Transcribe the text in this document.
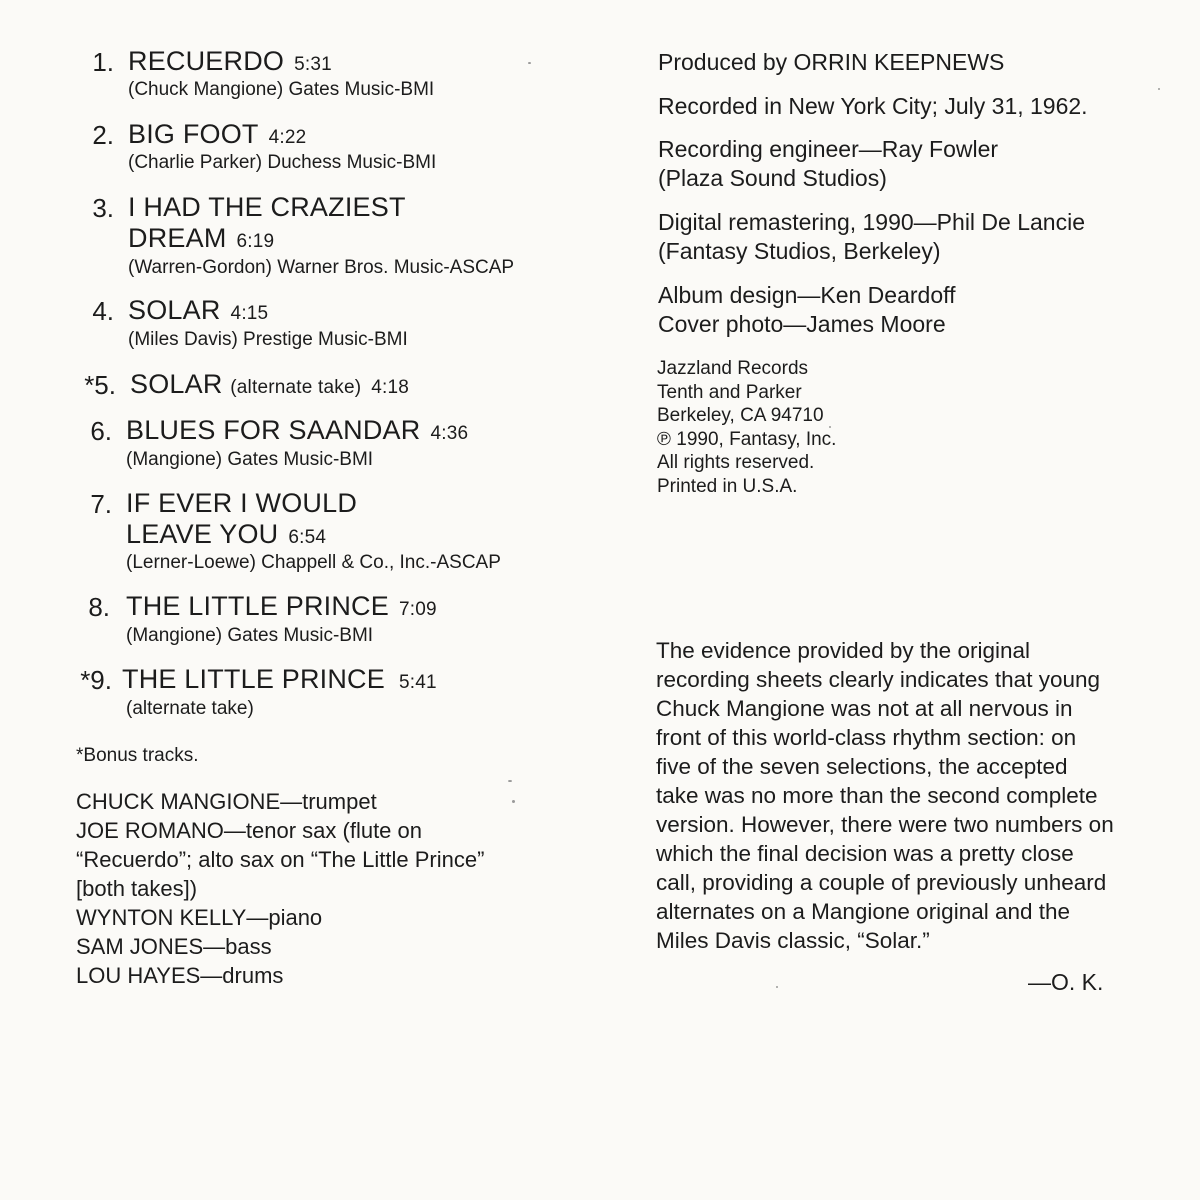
1. RECUERDO 5:31
(Chuck Mangione) Gates Music-BMI
2. BIG FOOT 4:22
(Charlie Parker) Duchess Music-BMI
3. I HAD THE CRAZIEST
DREAM 6:19
(Warren-Gordon) Warner Bros. Music-ASCAP
4. SOLAR 4:15
(Miles Davis) Prestige Music-BMI
*5. SOLAR (alternate take) 4:18
6. BLUES FOR SAANDAR 4:36
(Mangione) Gates Music-BMI
7. IF EVER I WOULD
LEAVE YOU 6:54
(Lerner-Loewe) Chappell & Co., Inc.-ASCAP
8. THE LITTLE PRINCE 7:09
(Mangione) Gates Music-BMI
*9. THE LITTLE PRINCE 5:41
(alternate take)
*Bonus tracks.
CHUCK MANGIONE—trumpet
JOE ROMANO—tenor sax (flute on
“Recuerdo”; alto sax on “The Little Prince”
[both takes])
WYNTON KELLY—piano
SAM JONES—bass
LOU HAYES—drums
Produced by ORRIN KEEPNEWS
Recorded in New York City; July 31, 1962.
Recording engineer—Ray Fowler
(Plaza Sound Studios)
Digital remastering, 1990—Phil De Lancie
(Fantasy Studios, Berkeley)
Album design—Ken Deardoff
Cover photo—James Moore
Jazzland Records
Tenth and Parker
Berkeley, CA 94710
℗ 1990, Fantasy, Inc.
All rights reserved.
Printed in U.S.A.
The evidence provided by the original
recording sheets clearly indicates that young
Chuck Mangione was not at all nervous in
front of this world-class rhythm section: on
five of the seven selections, the accepted
take was no more than the second complete
version. However, there were two numbers on
which the final decision was a pretty close
call, providing a couple of previously unheard
alternates on a Mangione original and the
Miles Davis classic, “Solar.”
—O. K.
